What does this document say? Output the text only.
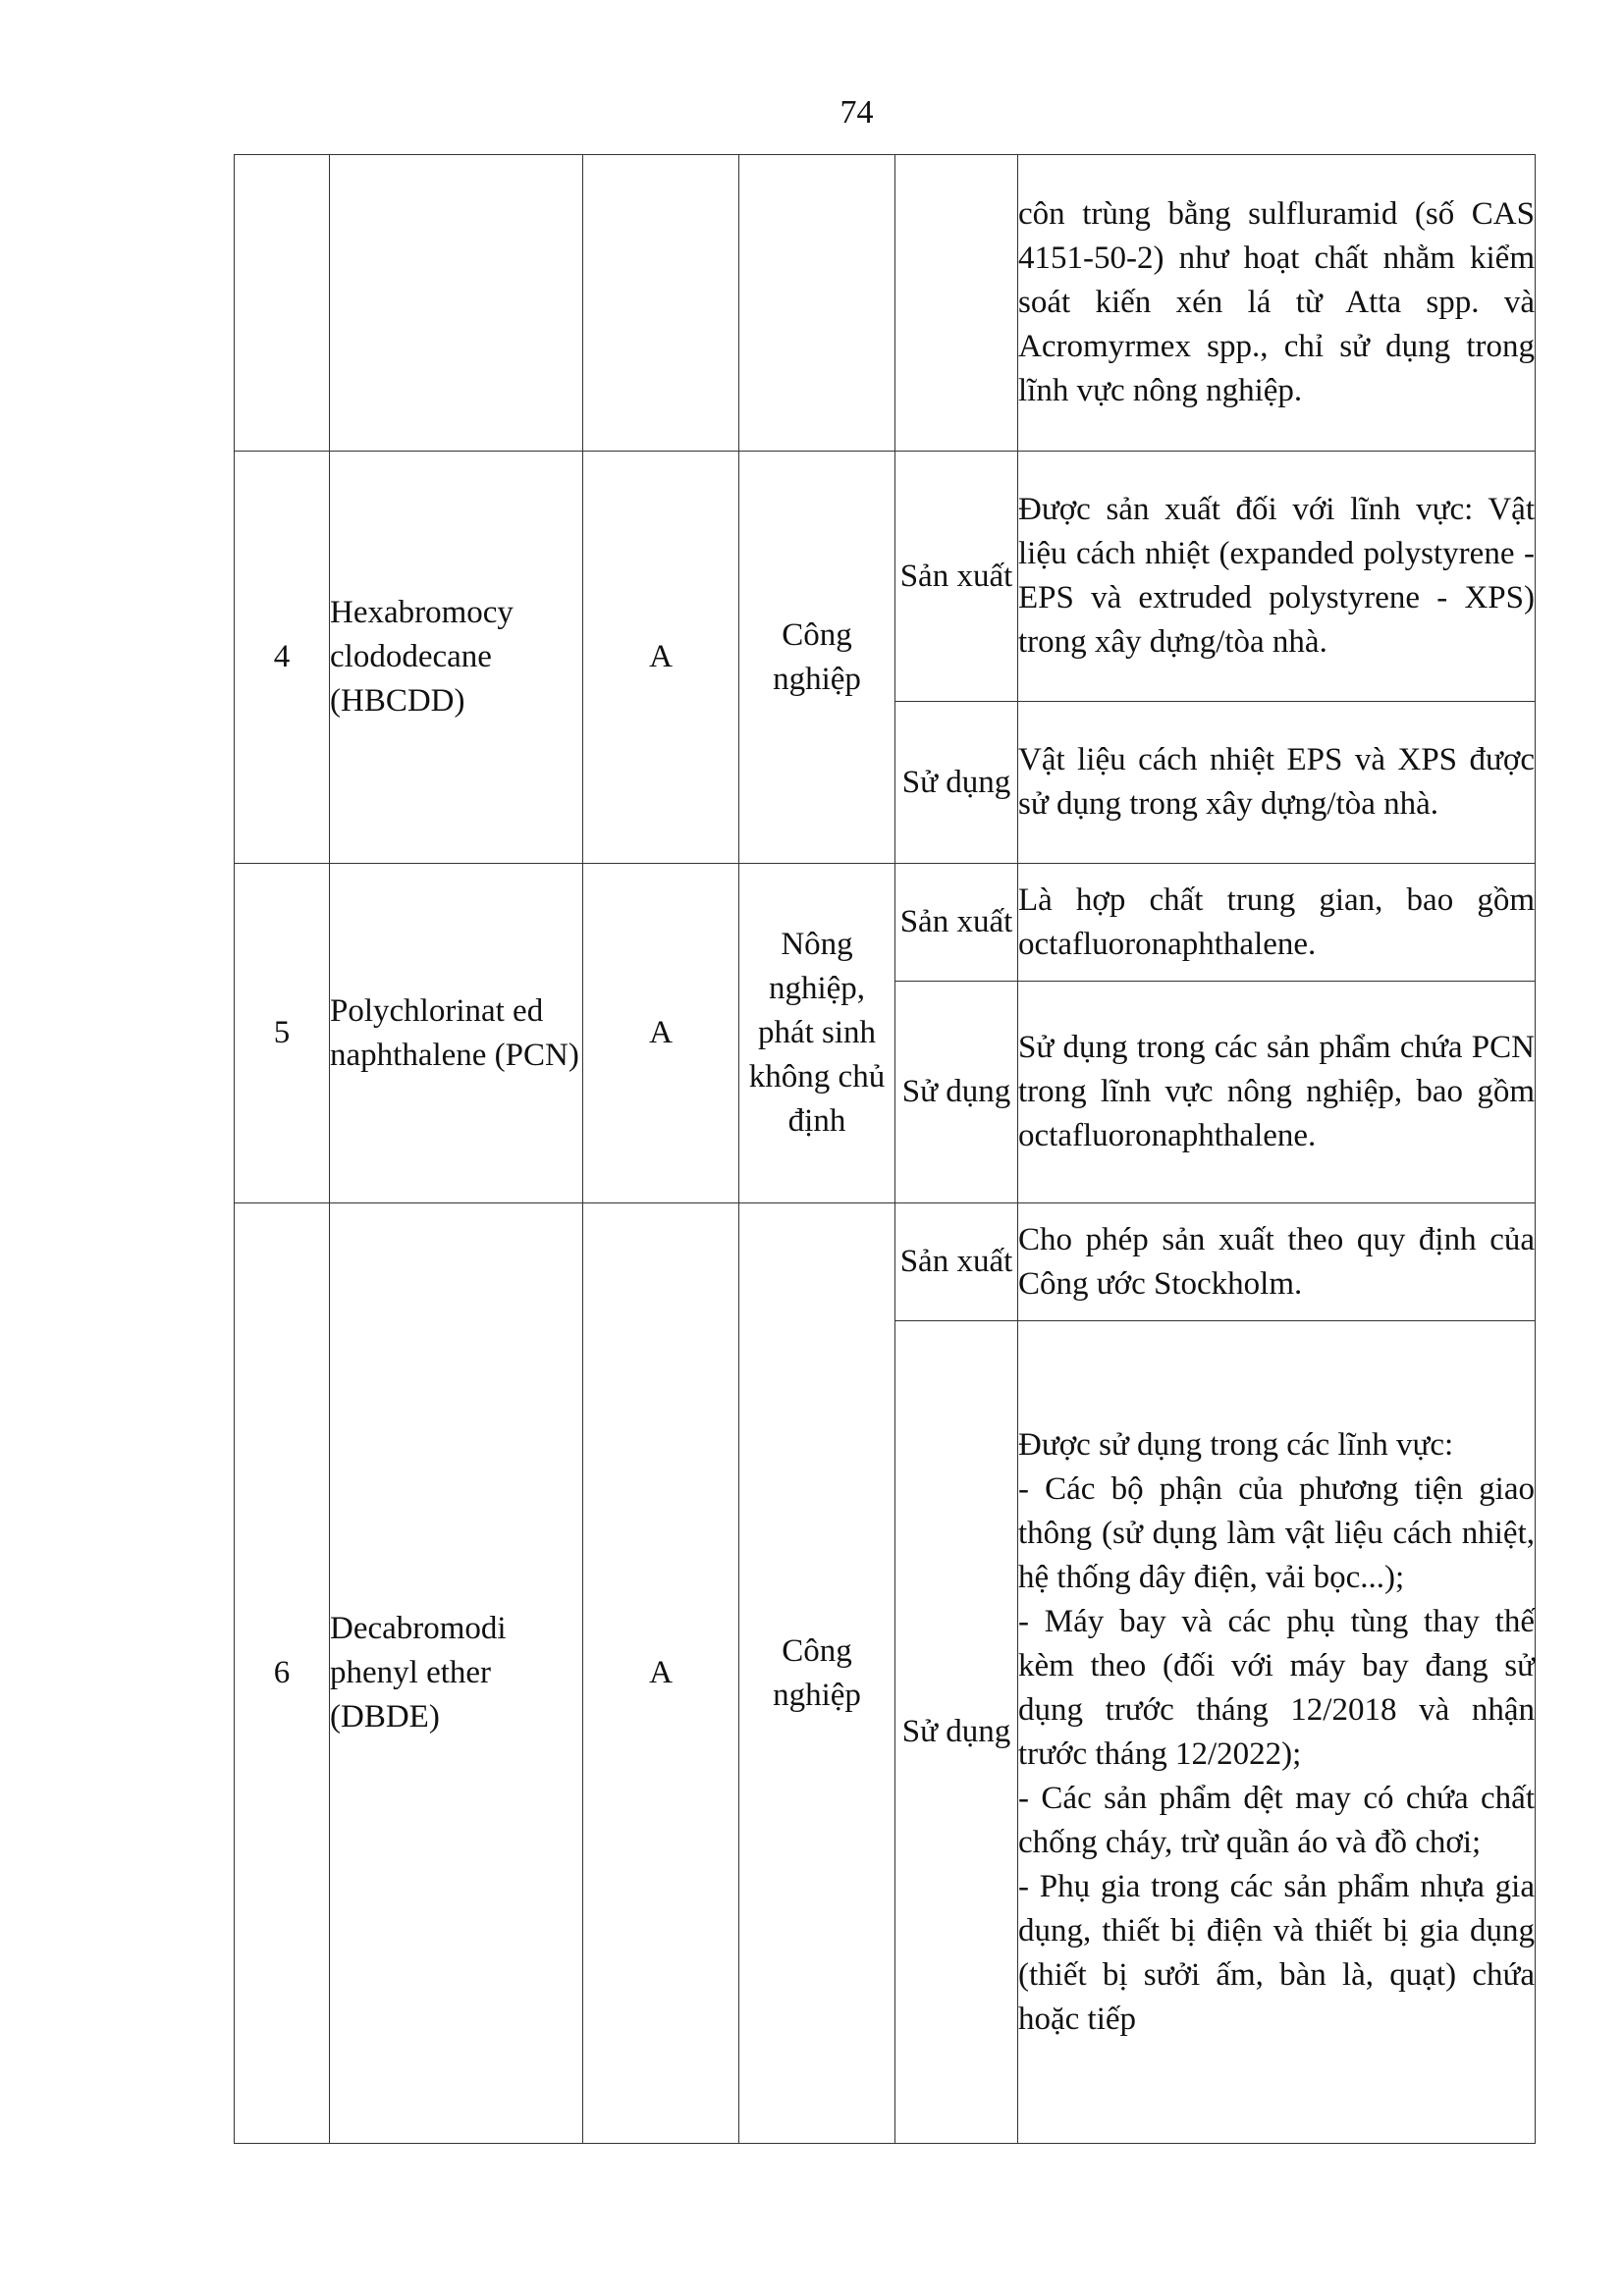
74

					côn trùng bằng sulfluramid (số CAS 4151-50-2) như hoạt chất nhằm kiểm soát kiến xén lá từ Atta spp. và Acromyrmex spp., chỉ sử dụng trong lĩnh vực nông nghiệp.

4	Hexabromocy clododecane (HBCDD)	A	Công nghiệp	Sản xuất	Được sản xuất đối với lĩnh vực: Vật liệu cách nhiệt (expanded polystyrene - EPS và extruded polystyrene - XPS) trong xây dựng/tòa nhà.

				Sử dụng	Vật liệu cách nhiệt EPS và XPS được sử dụng trong xây dựng/tòa nhà.

5	Polychlorinat ed naphthalene (PCN)	A	Nông nghiệp, phát sinh không chủ định	Sản xuất	Là hợp chất trung gian, bao gồm octafluoronaphthalene.

				Sử dụng	Sử dụng trong các sản phẩm chứa PCN trong lĩnh vực nông nghiệp, bao gồm octafluoronaphthalene.

6	Decabromodi phenyl ether (DBDE)	A	Công nghiệp	Sản xuất	Cho phép sản xuất theo quy định của Công ước Stockholm.

				Sử dụng	Được sử dụng trong các lĩnh vực:
- Các bộ phận của phương tiện giao thông (sử dụng làm vật liệu cách nhiệt, hệ thống dây điện, vải bọc...);
- Máy bay và các phụ tùng thay thế kèm theo (đối với máy bay đang sử dụng trước tháng 12/2018 và nhận trước tháng 12/2022);
- Các sản phẩm dệt may có chứa chất chống cháy, trừ quần áo và đồ chơi;
- Phụ gia trong các sản phẩm nhựa gia dụng, thiết bị điện và thiết bị gia dụng (thiết bị sưởi ấm, bàn là, quạt) chứa hoặc tiếp
